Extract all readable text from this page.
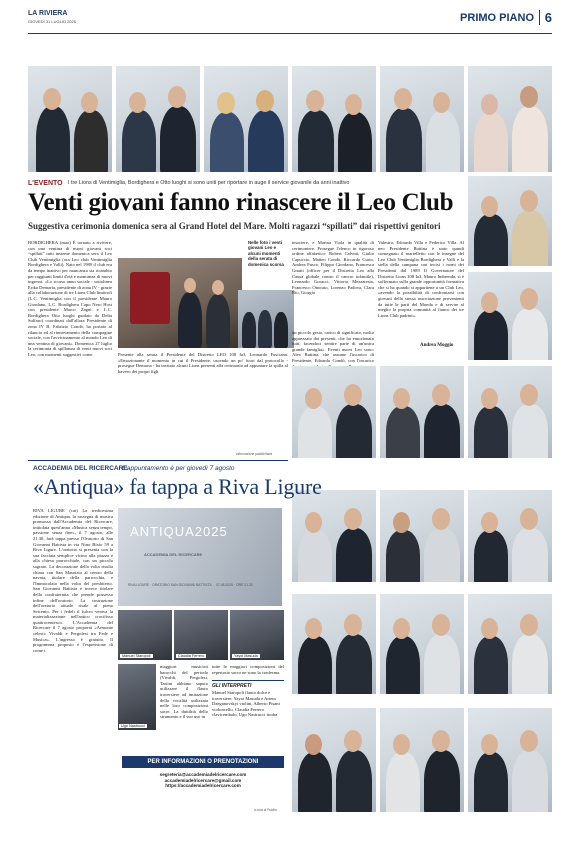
LA RIVIERA
GIOVEDÌ 31 LUGLIO 2025	PRIMO PIANO 6
L'EVENTO I tre Lions di Ventimiglia, Bordighera e Otto luoghi si sono uniti per riportare in auge il service giovanile da anni inattivo
Venti giovani fanno rinascere il Leo Club
Suggestiva cerimonia domenica sera al Grand Hotel del Mare. Molti ragazzi “spillati” dai rispettivi genitori
BORDIGHERA (mao) È tornato a rivivere, con una ventina di nuovi giovani soci “spillati” tutti insieme domenica sera il Leo Club Ventimiglia (ora Leo club Ventimiglia Bordighera e Valli). Nato nel 1989 il club era da tempo inattivo per mancanza sia ricambio per raggiunti limiti d'età e mancanza di nuovi ingressi. «Lo scorso anno sociale - sottolinea Erika Demaria, presidente di zona IV - grazie alla collaborazione di tre Lions Club limitrofi (L.C. Ventimiglia con il presidente Mauro Giordano, L.C. Bordighera Capo Nero Host con presidente Marco Zagni e L.C. Bordighera Otto luoghi guidato da Delia Sulfaro) coordinati dall'allora Presidente di zona IV B, Fabrizio Condò, ha portato al rilancio ed al rinnovamento della compagine sociale, con l'avvicinamento al mondo Leo di una ventina di giovani». Domenica 27 luglio la cerimonia di spillatura di venti nuovi soci Leo, con momenti suggestivi come
Nelle foto i venti giovani Leo e alcuni momenti della serata di domenica scorsa
Presente alla serata il Presidente del Distretto LEO 108 Ia3, Leonardo Fusciana. «Emozionante il momento in cui il Presidente, uscendo un po' fuori dal protocollo - prosegue Demaria - ha invitato alcuni Lions presenti alla cerimonia ad appuntare la spilla al bavero dei propri figli
un piccolo gesto, carico di significato, molto apprezzato dai presenti, che ha emozionato tutti, facendoci sentire parte di un'unica grande famiglia». Eventi nuovi Leo sono: Alex Buttina, che assume l'incarico di Presidente, Edoardo Condò, con l'incarico
tesoriere, e Marina Viola in qualità di cerimoniere. Prosegue l'elenco in rigoroso ordine alfabetico: Robert Calvini, Giulio Capuccio, Matteo Condò, Riccardo Curio, Andrea Fusco, Filippo Giordano, Francesca Gnutti (officer per il Distretto Leo alla Causa globale contro il cancro infantile), Leonardo Goracci, Vittoria Mezzatesta, Francesco Onorato, Lorenzo Padova, Clara Rio, Giorgia
Valestro, Edoardo Villa e Federico Villa. Al neo Presidente Buttina è stato quindi consegnato il martelletto con le insegne del Leo Club Ventimiglia Bordighera e Valli e la stella della campana con incisi i nomi dei Presidenti dal 1989 Il Governatore del Distretto Lions 108 Ia3, Mauro Imbrenda, si è soffermato sulla grande opportunità formativa che si ha quando si appartiene a un Club Leo, «avendo la possibilità di confrontarsi con giovani della stessa associazione provenienti da tutte le parti del Mondo e di servire al meglio la propria comunità al fianco dei tre Lions Club padrini».
Andrea Moggio
informazione pubblicitaria
ACCADEMIA DEL RICERCARE
L'appuntamento è per giovedì 7 agosto
«Antiqua» fa tappa a Riva Ligure
RIVA LIGURE (cat) La tredicesima edizione di Antiqua, la rassegna di musica promossa dall'Accademia del Ricercare, intitolata quest'anno «Musica senza tempo, passione senza fine», il 7 agosto, alle 21.30, farà tappa presso l'Oratorio di San Giovanni Battista in via Nino Bixio 59 a Riva Ligure. L'oratorio si presenta con la sua facciata semplice vicino alla piazza e alla chiesa parrocchiale, con un piccolo sagrato. La decorazione della volta risulta chiara con San Maurizio al centro della navata, titolare della parrocchia, e l'Immacolata nella volta del presbiterio. San Giovanni Battista è invece titolare della confraternita che prende possesso infine dell'oratorio. La costruzione dell'oratorio attuale risale al pieno Seicento. Per i fedeli il fulcro veniva la materializzazione nell'antico crocifisso quattrocentesco. L'Accademia del Ricercare il 7 agosto proporrà «Armonie celesti: Vivaldi e Pergolesi tra Fede e Musica». L'ingresso è gratuito. Il programma proposto è l'espressione di come i
ANTIQUA2025
ACCADEMIA DEL RICERCARE
RIVA LIGURE · ORATORIO SAN GIOVANNI BATTISTA 07.08.2025 · ORE 21.30
Manuel Staropoli	Claudia Ferrero	Yayoi Masuda
Ugo Nastrucci
maggiori musicisti barocchi del periodo (Vivaldi, Pergolesi, Tartini abbiano saputo utilizzare il flauto traversiere ad imitazione della vocalità utilizzata nelle loro composizioni sacre. La duttilità dello strumento e il suo uso in
tutte le maggiori composizioni del repertorio sacro ne sono la conferma.
GLI INTERPRETI
Manuel Staropoli flauto dolce e traversiere, Yayoi Masuda e Artem Dzeganovskyi violini, Alberto Pisani violoncello, Claudia Ferrero clavicembalo, Ugo Nastrucci tiorba
PER INFORMAZIONI O PRENOTAZIONI
segreteria@accademiadelricercare.com
accademiadelricercare@gmail.com
https://accademiadelricercare.com
a cura di Publim
